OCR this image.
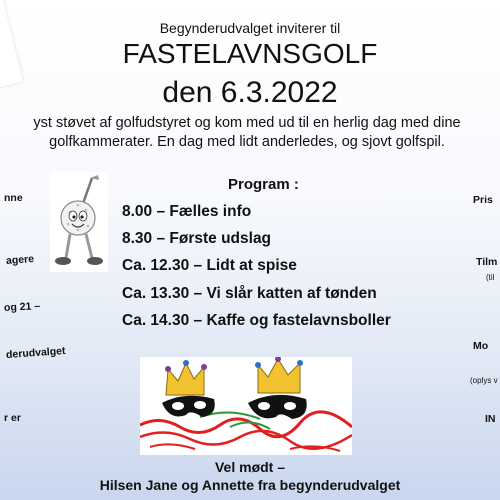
Begynderudvalget inviterer til
FASTELAVNSGOLF
den 6.3.2022
yst støvet af golfudstyret og kom med ud til en herlig dag med dine
golfkammerater. En dag med lidt anderledes, og sjovt golfspil.
Program :
8.00 – Fælles info
8.30 – Første udslag
Ca. 12.30 – Lidt at spise
Ca. 13.30 – Vi slår katten af tønden
Ca. 14.30 – Kaffe og fastelavnsboller
Vel mødt –
Hilsen Jane og Annette fra begynderudvalget
nne
agere
og 21 –
derudvalget
r er
Pris
Tilm
(til
Mo
(oplys v
IN
